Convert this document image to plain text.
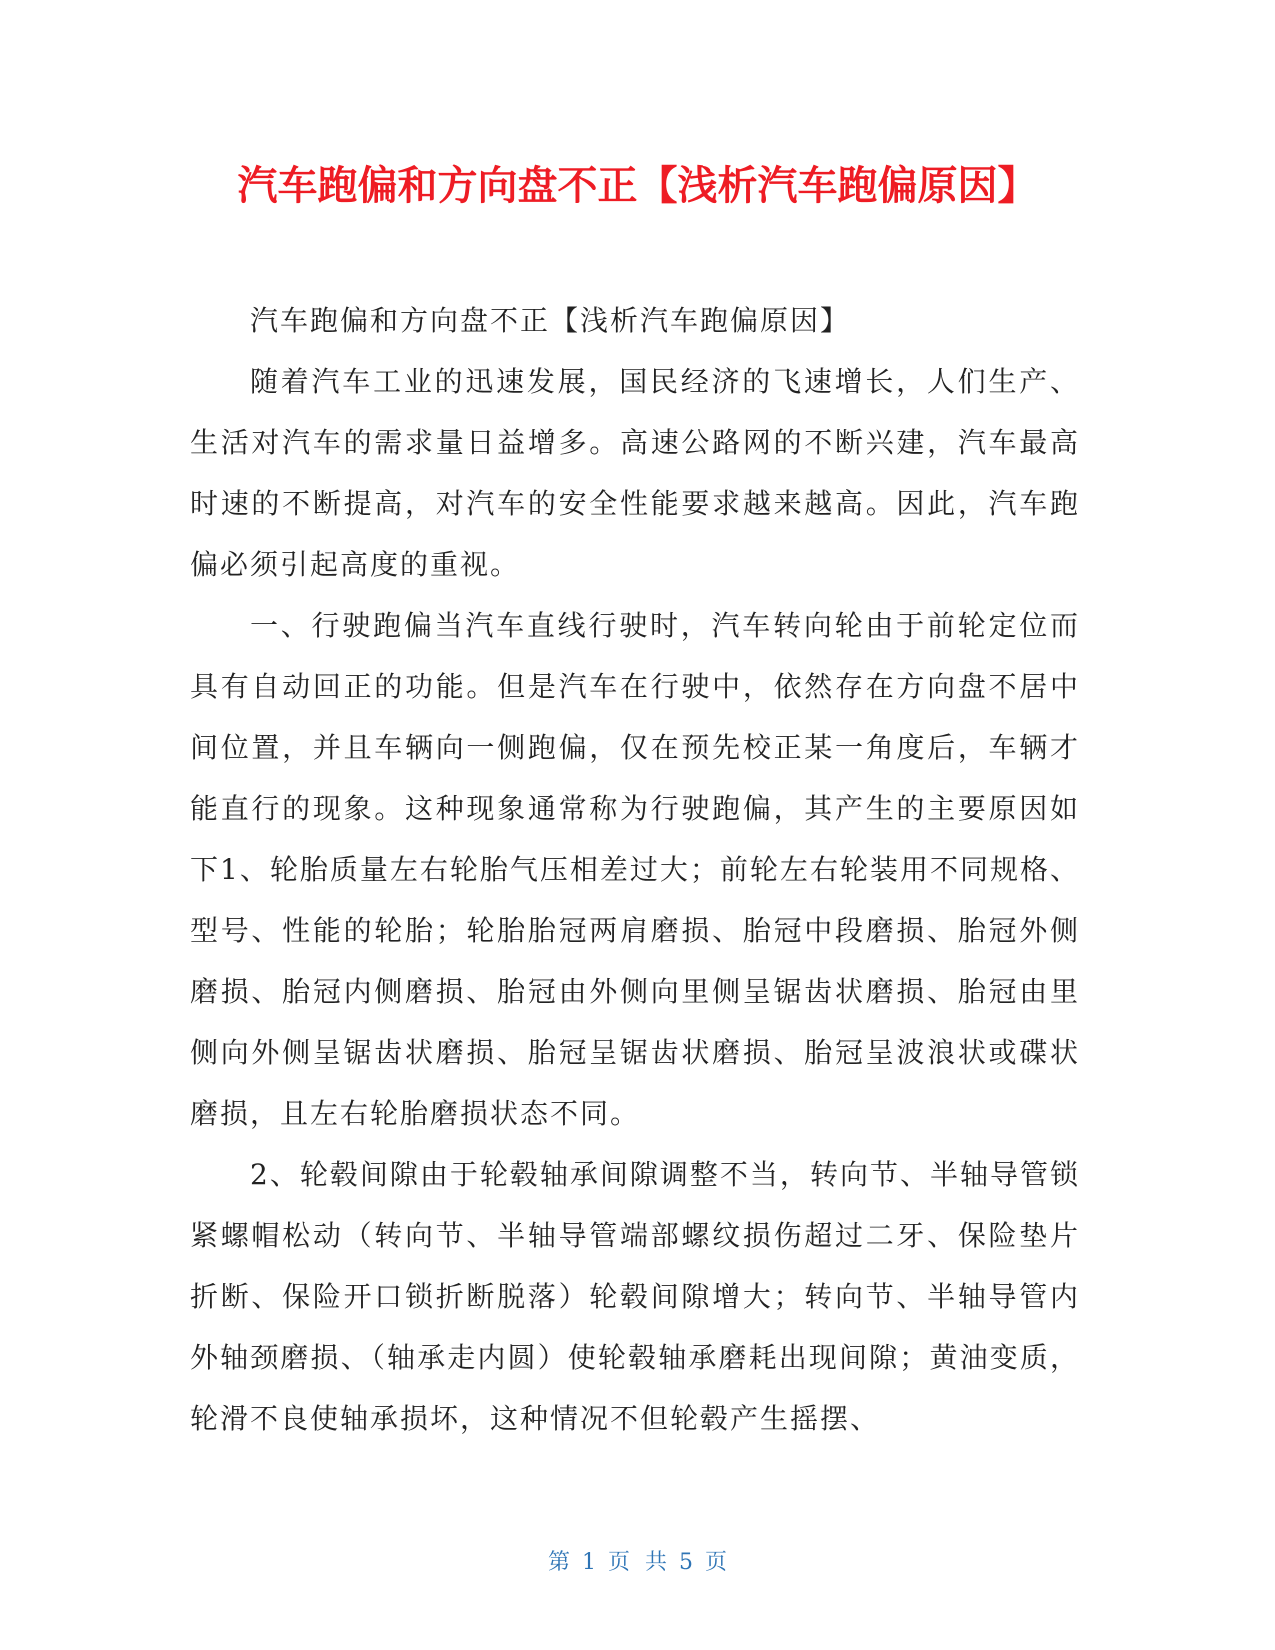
汽车跑偏和方向盘不正【浅析汽车跑偏原因】

汽车跑偏和方向盘不正【浅析汽车跑偏原因】

随着汽车工业的迅速发展，国民经济的飞速增长，人们生产、生活对汽车的需求量日益增多。高速公路网的不断兴建，汽车最高时速的不断提高，对汽车的安全性能要求越来越高。因此，汽车跑偏必须引起高度的重视。

一、行驶跑偏当汽车直线行驶时，汽车转向轮由于前轮定位而具有自动回正的功能。但是汽车在行驶中，依然存在方向盘不居中间位置，并且车辆向一侧跑偏，仅在预先校正某一角度后，车辆才能直行的现象。这种现象通常称为行驶跑偏，其产生的主要原因如下1、轮胎质量左右轮胎气压相差过大；前轮左右轮装用不同规格、型号、性能的轮胎；轮胎胎冠两肩磨损、胎冠中段磨损、胎冠外侧磨损、胎冠内侧磨损、胎冠由外侧向里侧呈锯齿状磨损、胎冠由里侧向外侧呈锯齿状磨损、胎冠呈锯齿状磨损、胎冠呈波浪状或碟状磨损，且左右轮胎磨损状态不同。

2、轮毂间隙由于轮毂轴承间隙调整不当，转向节、半轴导管锁紧螺帽松动（转向节、半轴导管端部螺纹损伤超过二牙、保险垫片折断、保险开口锁折断脱落）轮毂间隙增大；转向节、半轴导管内外轴颈磨损、（轴承走内圆）使轮毂轴承磨耗出现间隙；黄油变质，轮滑不良使轴承损坏，这种情况不但轮毂产生摇摆、

第 1 页 共 5 页
